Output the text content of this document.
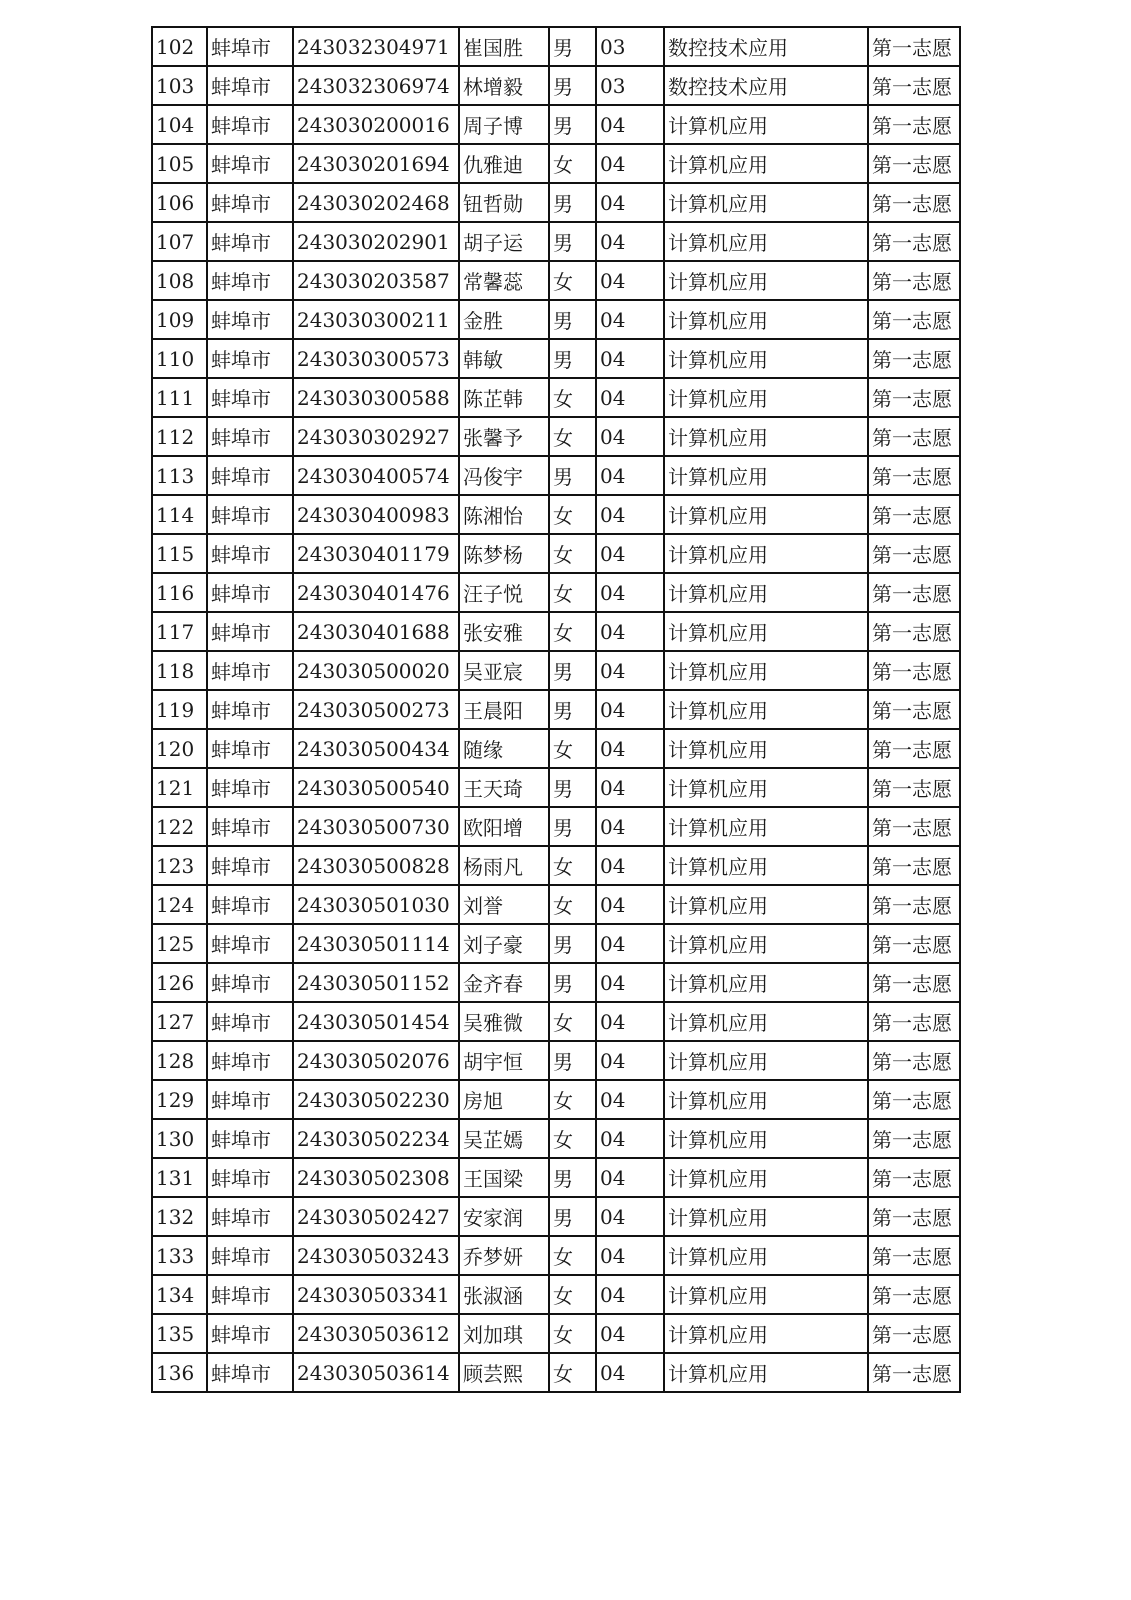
102	蚌埠市	243032304971	崔国胜	男	03	数控技术应用	第一志愿
103	蚌埠市	243032306974	林增毅	男	03	数控技术应用	第一志愿
104	蚌埠市	243030200016	周子博	男	04	计算机应用	第一志愿
105	蚌埠市	243030201694	仇雅迪	女	04	计算机应用	第一志愿
106	蚌埠市	243030202468	钮哲勋	男	04	计算机应用	第一志愿
107	蚌埠市	243030202901	胡子运	男	04	计算机应用	第一志愿
108	蚌埠市	243030203587	常馨蕊	女	04	计算机应用	第一志愿
109	蚌埠市	243030300211	金胜	男	04	计算机应用	第一志愿
110	蚌埠市	243030300573	韩敏	男	04	计算机应用	第一志愿
111	蚌埠市	243030300588	陈芷韩	女	04	计算机应用	第一志愿
112	蚌埠市	243030302927	张馨予	女	04	计算机应用	第一志愿
113	蚌埠市	243030400574	冯俊宇	男	04	计算机应用	第一志愿
114	蚌埠市	243030400983	陈湘怡	女	04	计算机应用	第一志愿
115	蚌埠市	243030401179	陈梦杨	女	04	计算机应用	第一志愿
116	蚌埠市	243030401476	汪子悦	女	04	计算机应用	第一志愿
117	蚌埠市	243030401688	张安雅	女	04	计算机应用	第一志愿
118	蚌埠市	243030500020	吴亚宸	男	04	计算机应用	第一志愿
119	蚌埠市	243030500273	王晨阳	男	04	计算机应用	第一志愿
120	蚌埠市	243030500434	随缘	女	04	计算机应用	第一志愿
121	蚌埠市	243030500540	王天琦	男	04	计算机应用	第一志愿
122	蚌埠市	243030500730	欧阳增	男	04	计算机应用	第一志愿
123	蚌埠市	243030500828	杨雨凡	女	04	计算机应用	第一志愿
124	蚌埠市	243030501030	刘誉	女	04	计算机应用	第一志愿
125	蚌埠市	243030501114	刘子豪	男	04	计算机应用	第一志愿
126	蚌埠市	243030501152	金齐春	男	04	计算机应用	第一志愿
127	蚌埠市	243030501454	吴雅微	女	04	计算机应用	第一志愿
128	蚌埠市	243030502076	胡宇恒	男	04	计算机应用	第一志愿
129	蚌埠市	243030502230	房旭	女	04	计算机应用	第一志愿
130	蚌埠市	243030502234	吴芷嫣	女	04	计算机应用	第一志愿
131	蚌埠市	243030502308	王国梁	男	04	计算机应用	第一志愿
132	蚌埠市	243030502427	安家润	男	04	计算机应用	第一志愿
133	蚌埠市	243030503243	乔梦妍	女	04	计算机应用	第一志愿
134	蚌埠市	243030503341	张淑涵	女	04	计算机应用	第一志愿
135	蚌埠市	243030503612	刘加琪	女	04	计算机应用	第一志愿
136	蚌埠市	243030503614	顾芸熙	女	04	计算机应用	第一志愿
